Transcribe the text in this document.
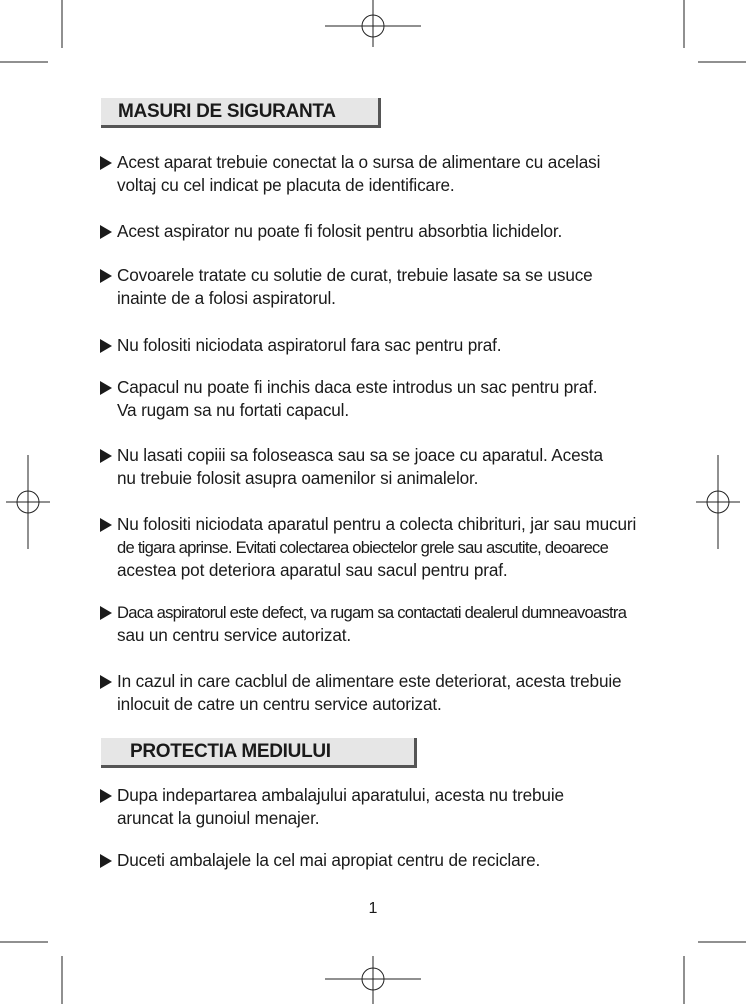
MASURI DE SIGURANTA
Acest aparat trebuie conectat la o sursa de alimentare cu acelasi
voltaj cu cel indicat pe placuta de identificare.
Acest aspirator nu poate fi folosit pentru absorbtia lichidelor.
Covoarele tratate cu solutie de curat, trebuie lasate sa se usuce
inainte de a folosi aspiratorul.
Nu folositi niciodata aspiratorul fara sac pentru praf.
Capacul nu poate fi inchis daca este introdus un sac pentru praf.
Va rugam sa nu fortati capacul.
Nu lasati copiii sa foloseasca sau sa se joace cu aparatul. Acesta
nu trebuie folosit asupra oamenilor si animalelor.
Nu folositi niciodata aparatul pentru a colecta chibrituri, jar sau mucuri
de tigara aprinse. Evitati colectarea obiectelor grele sau ascutite, deoarece
acestea pot deteriora aparatul sau sacul pentru praf.
Daca aspiratorul este defect, va rugam sa contactati dealerul dumneavoastra
sau un centru service autorizat.
In cazul in care cacblul de alimentare este deteriorat, acesta trebuie
inlocuit de catre un centru service autorizat.
PROTECTIA MEDIULUI
Dupa indepartarea ambalajului aparatului, acesta nu trebuie
aruncat la gunoiul menajer.
Duceti ambalajele la cel mai apropiat centru de reciclare.
1
